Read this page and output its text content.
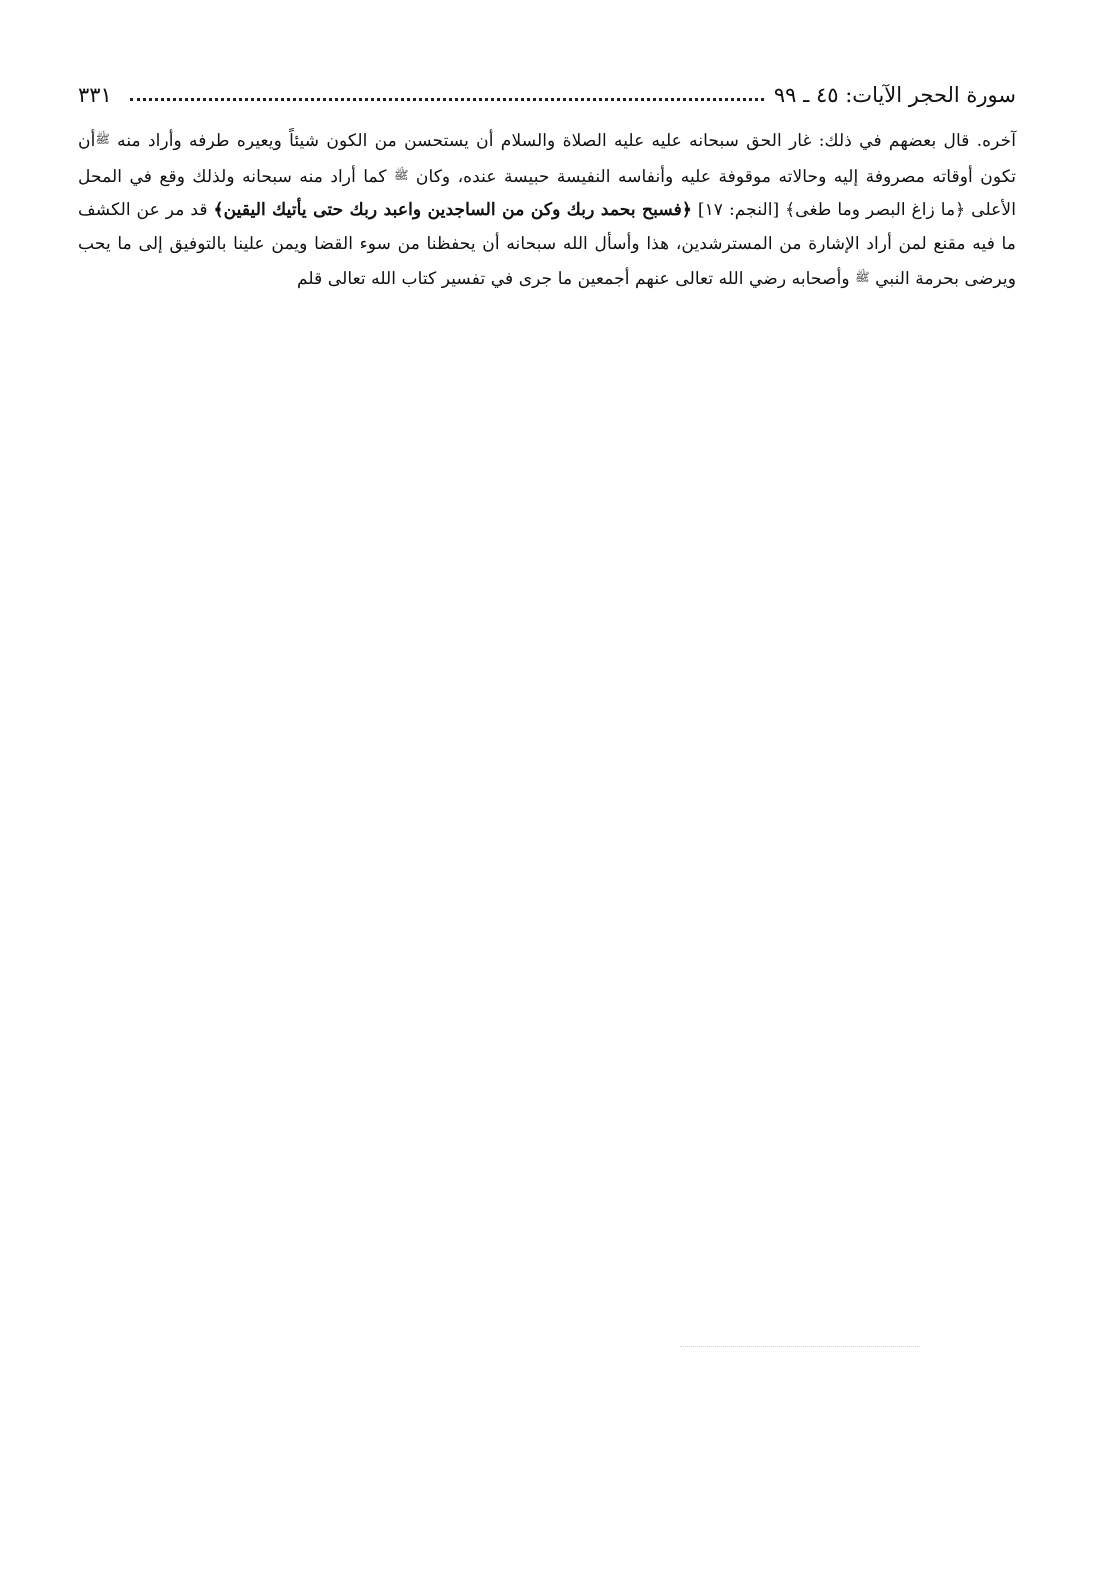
٣٣١	سورة الحجر الآيات: ٤٥ ـ ٩٩
آخره. قال بعضهم في ذلك: غار الحق سبحانه عليه عليه الصلاة والسلام أن يستحسن من الكون شيئاً ويعيره طرفه وأراد منه ﷺأن تكون أوقاته مصروفة إليه وحالاته موقوفة عليه وأنفاسه النفيسة حبيسة عنده، وكان ﷺ كما أراد منه سبحانه ولذلك وقع في المحل الأعلى ﴿ما زاغ البصر وما طغى﴾ [النجم: ١٧] ﴿فسبح بحمد ربك وكن من الساجدين واعبد ربك حتى يأتيك اليقين﴾ قد مر عن الكشف ما فيه مقنع لمن أراد الإشارة من المسترشدين، هذا وأسأل الله سبحانه أن يحفظنا من سوء القضا ويمن علينا بالتوفيق إلى ما يحب ويرضى بحرمة النبي ﷺ وأصحابه رضي الله تعالى عنهم أجمعين ما جرى في تفسير كتاب الله تعالى قلم
